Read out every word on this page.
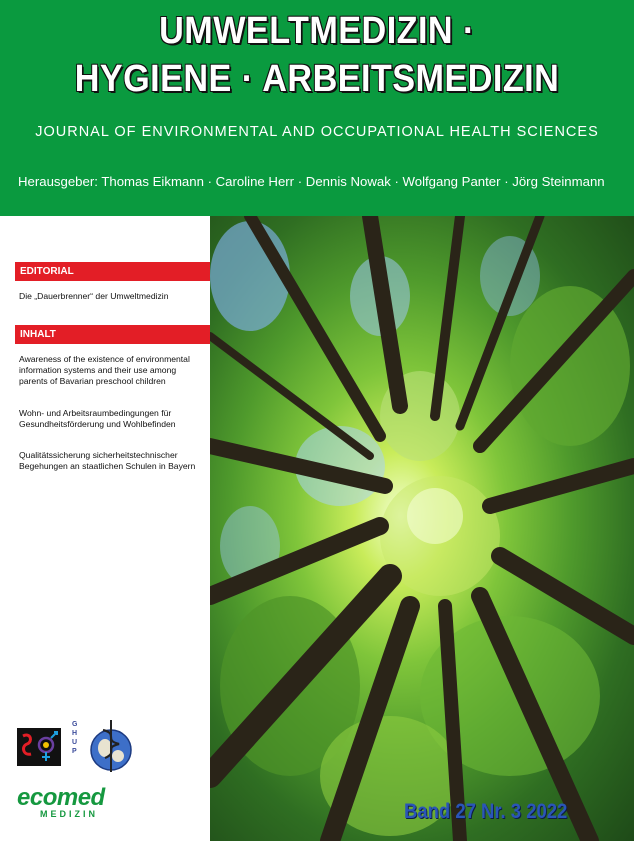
UMWELTMEDIZIN ·
HYGIENE · ARBEITSMEDIZIN
JOURNAL OF ENVIRONMENTAL AND OCCUPATIONAL HEALTH SCIENCES
Herausgeber: Thomas Eikmann · Caroline Herr · Dennis Nowak · Wolfgang Panter · Jörg Steinmann
EDITORIAL
Die „Dauerbrenner“ der Umweltmedizin
INHALT
Awareness of the existence of environmental
information systems and their use among
parents of Bavarian preschool children
Wohn- und Arbeitsraumbedingungen für
Gesundheitsförderung und Wohlbefinden
Qualitätssicherung sicherheitstechnischer
Begehungen an staatlichen Schulen in Bayern
G
H
U
P
ecomed
MEDIZIN	Band 27 Nr. 3 2022
